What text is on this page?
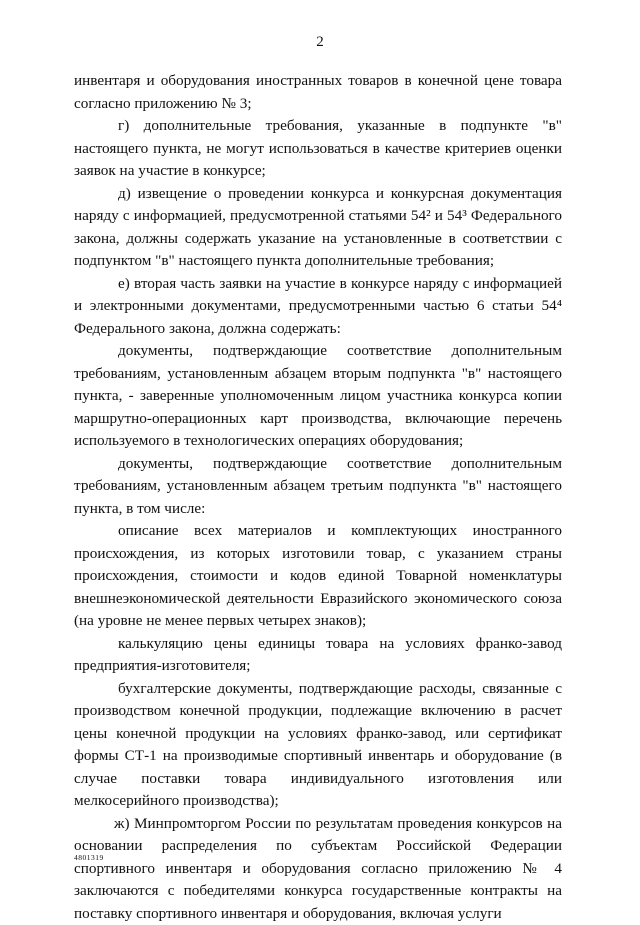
2

инвентаря и оборудования иностранных товаров в конечной цене товара согласно приложению № 3;

г) дополнительные требования, указанные в подпункте "в" настоящего пункта, не могут использоваться в качестве критериев оценки заявок на участие в конкурсе;

д) извещение о проведении конкурса и конкурсная документация наряду с информацией, предусмотренной статьями 54² и 54³ Федерального закона, должны содержать указание на установленные в соответствии с подпунктом "в" настоящего пункта дополнительные требования;

е) вторая часть заявки на участие в конкурсе наряду с информацией и электронными документами, предусмотренными частью 6 статьи 54⁴ Федерального закона, должна содержать:

документы, подтверждающие соответствие дополнительным требованиям, установленным абзацем вторым подпункта "в" настоящего пункта, - заверенные уполномоченным лицом участника конкурса копии маршрутно-операционных карт производства, включающие перечень используемого в технологических операциях оборудования;

документы, подтверждающие соответствие дополнительным требованиям, установленным абзацем третьим подпункта "в" настоящего пункта, в том числе:

описание всех материалов и комплектующих иностранного происхождения, из которых изготовили товар, с указанием страны происхождения, стоимости и кодов единой Товарной номенклатуры внешнеэкономической деятельности Евразийского экономического союза (на уровне не менее первых четырех знаков);

калькуляцию цены единицы товара на условиях франко-завод предприятия-изготовителя;

бухгалтерские документы, подтверждающие расходы, связанные с производством конечной продукции, подлежащие включению в расчет цены конечной продукции на условиях франко-завод, или сертификат формы СТ-1 на производимые спортивный инвентарь и оборудование (в случае поставки товара индивидуального изготовления или мелкосерийного производства);

ж) Минпромторгом России по результатам проведения конкурсов на основании распределения по субъектам Российской Федерации спортивного инвентаря и оборудования согласно приложению № 4 заключаются с победителями конкурса государственные контракты на поставку спортивного инвентаря и оборудования, включая услуги

4801319
